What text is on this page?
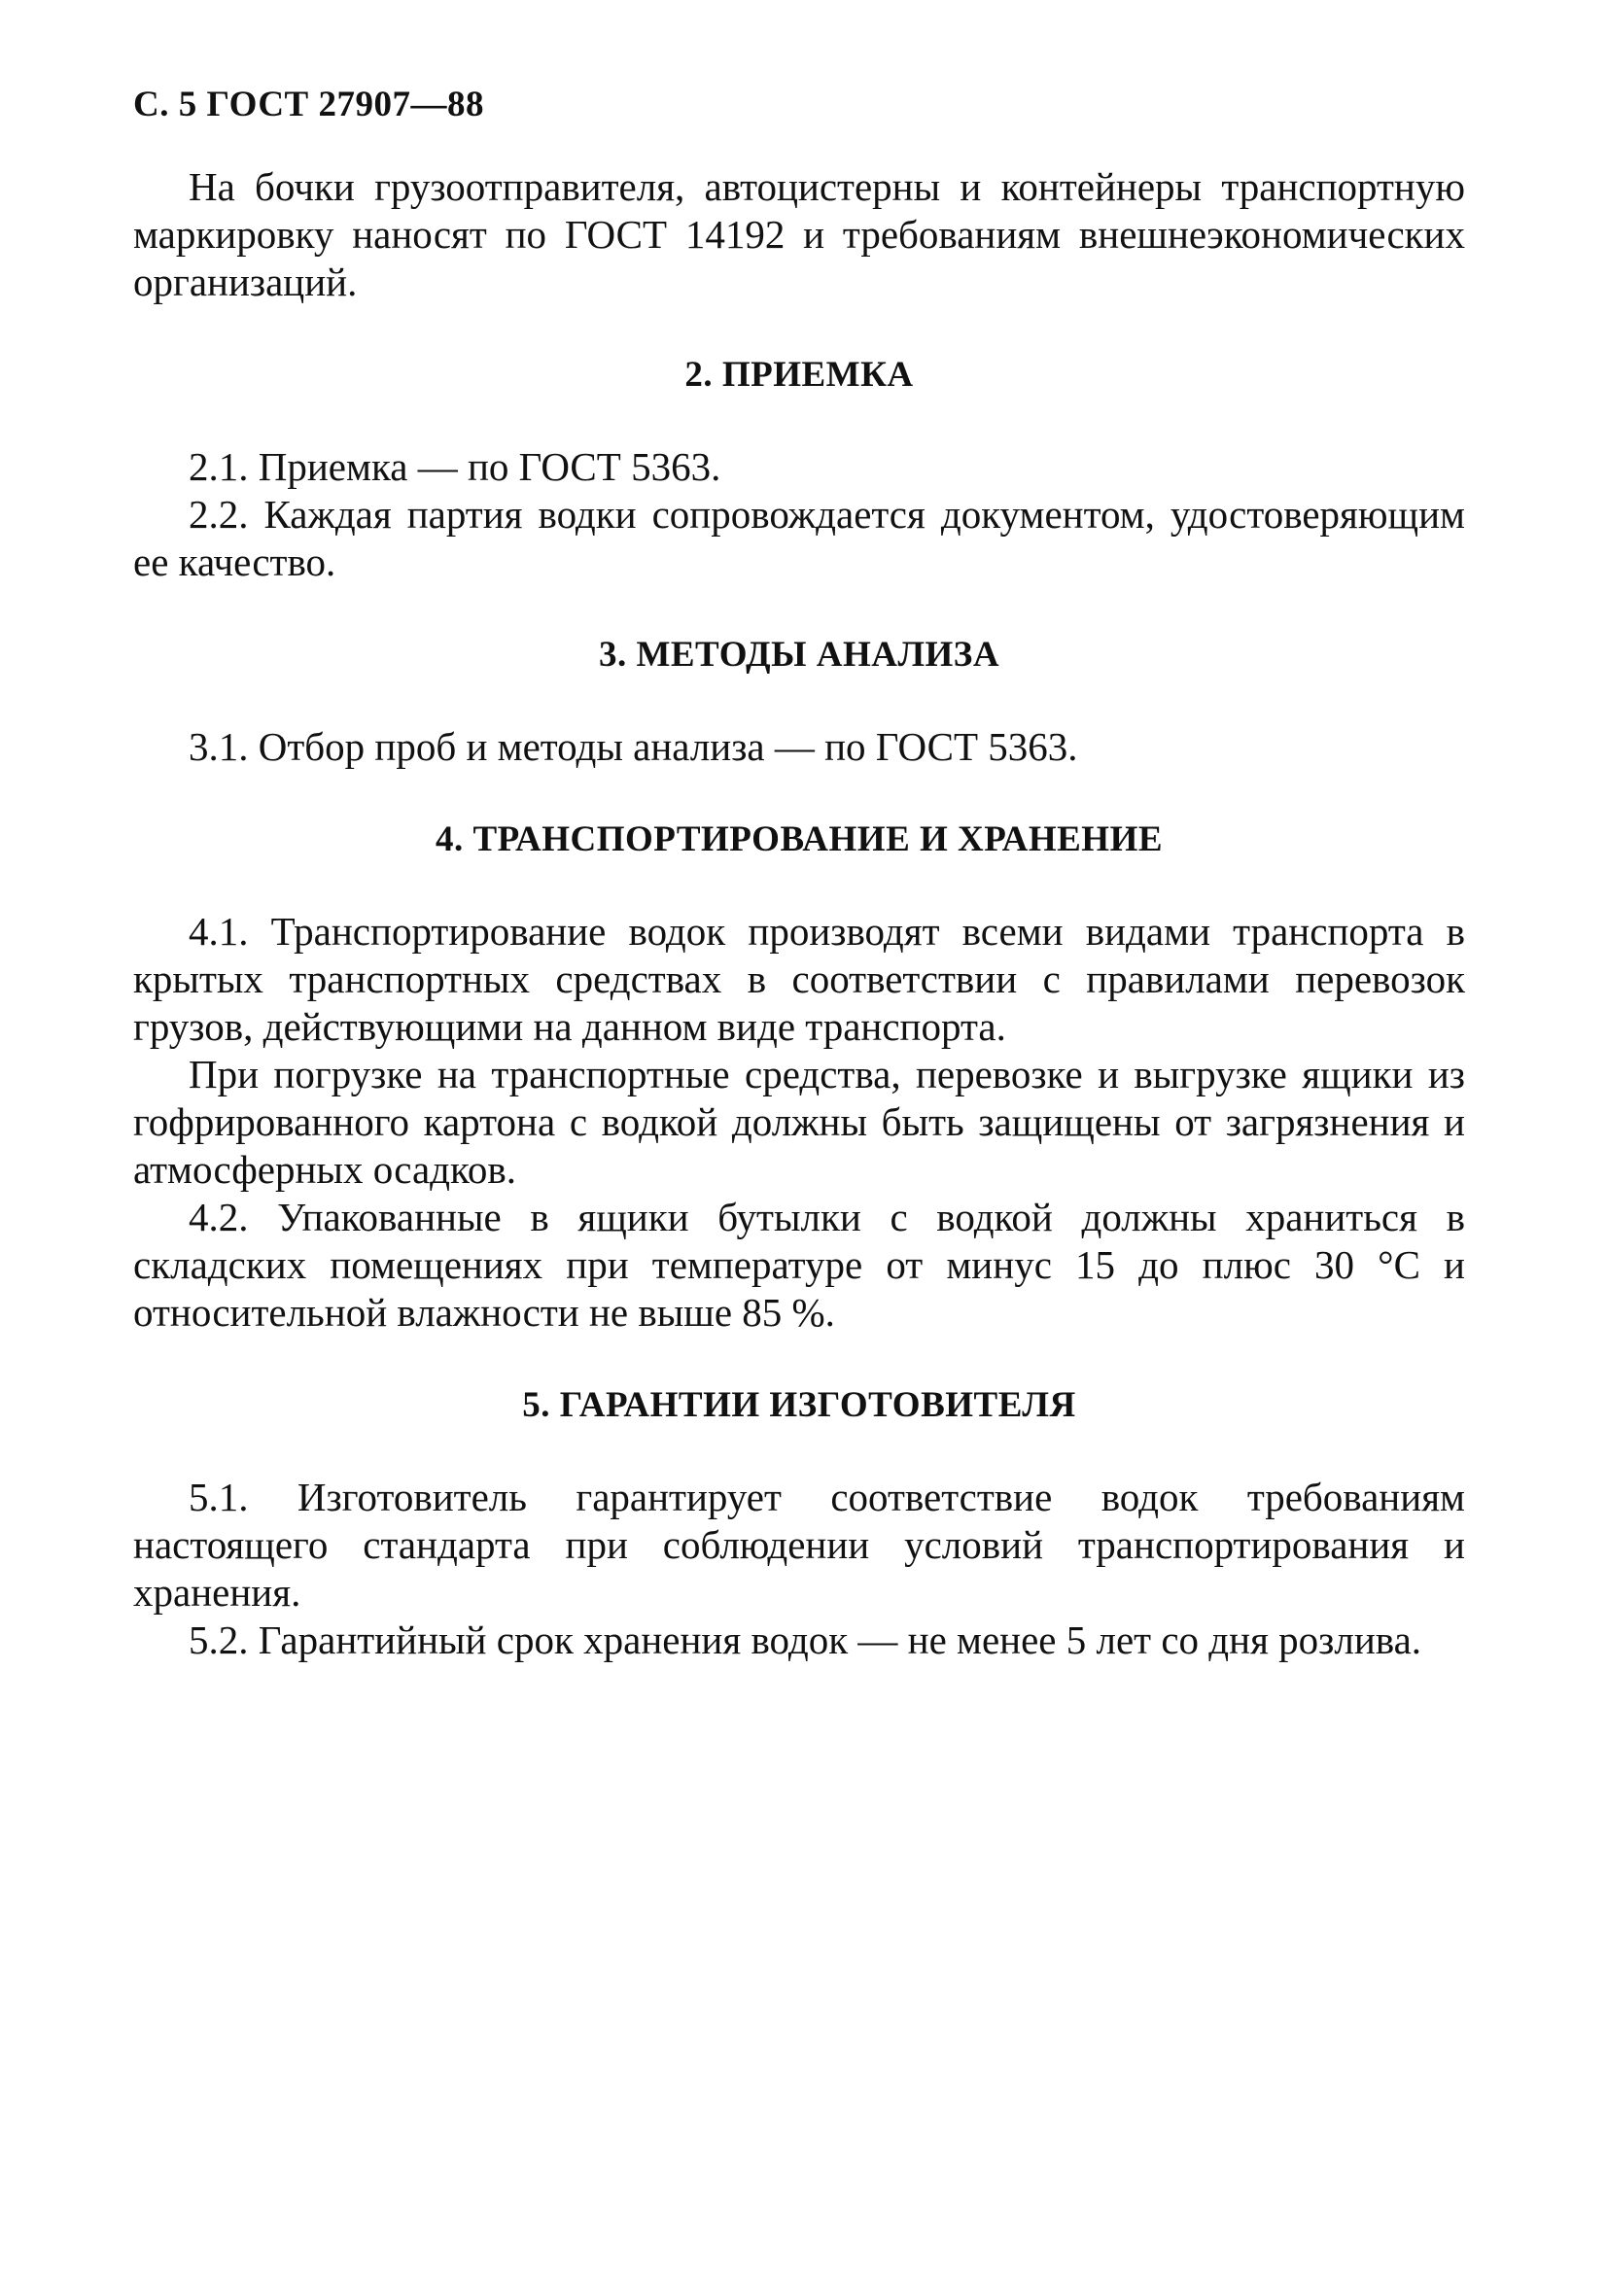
С. 5 ГОСТ 27907—88

На бочки грузоотправителя, автоцистерны и контейнеры транспортную маркировку наносят по ГОСТ 14192 и требованиям внешнеэкономических организаций.

2. ПРИЕМКА

2.1. Приемка — по ГОСТ 5363.

2.2. Каждая партия водки сопровождается документом, удостоверяющим ее качество.

3. МЕТОДЫ АНАЛИЗА

3.1. Отбор проб и методы анализа — по ГОСТ 5363.

4. ТРАНСПОРТИРОВАНИЕ И ХРАНЕНИЕ

4.1. Транспортирование водок производят всеми видами транспорта в крытых транспортных средствах в соответствии с правилами перевозок грузов, действующими на данном виде транспорта.

При погрузке на транспортные средства, перевозке и выгрузке ящики из гофрированного картона с водкой должны быть защищены от загрязнения и атмосферных осадков.

4.2. Упакованные в ящики бутылки с водкой должны храниться в складских помещениях при температуре от минус 15 до плюс 30 °С и относительной влажности не выше 85 %.

5. ГАРАНТИИ ИЗГОТОВИТЕЛЯ

5.1. Изготовитель гарантирует соответствие водок требованиям настоящего стандарта при соблюдении условий транспортирования и хранения.

5.2. Гарантийный срок хранения водок — не менее 5 лет со дня розлива.
